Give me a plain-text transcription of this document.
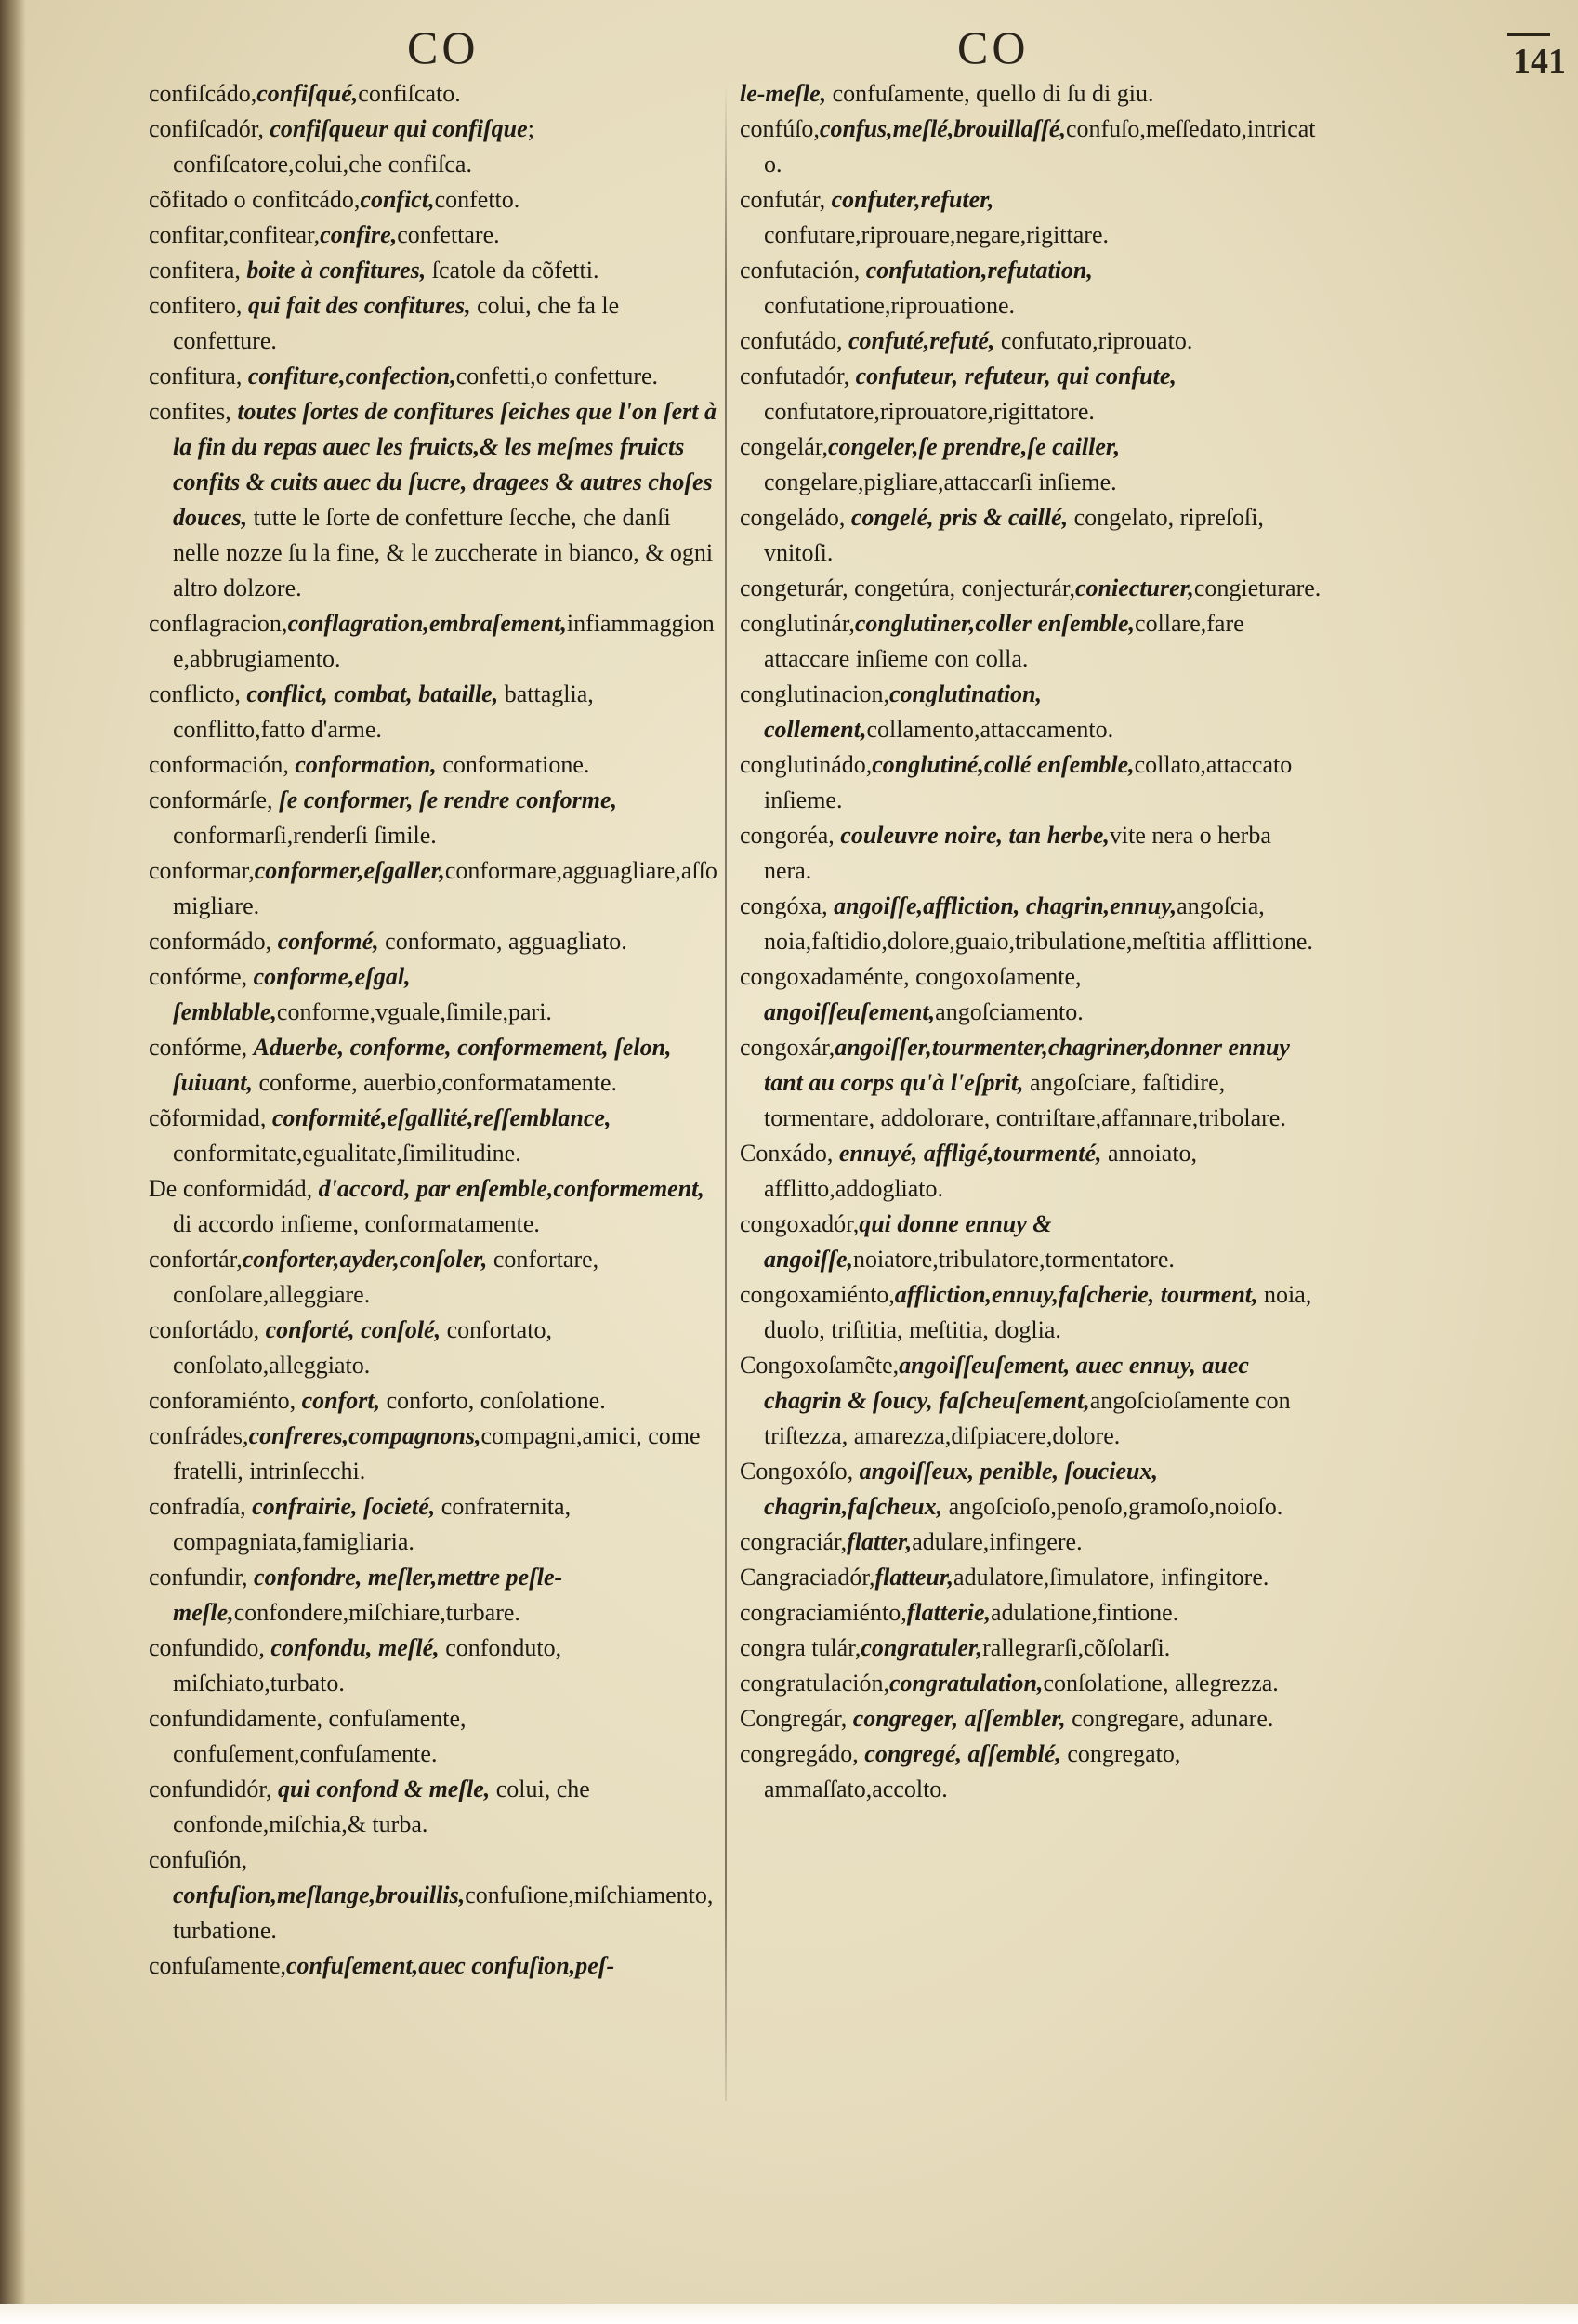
CO	CO	141

confiſcádo,confiſqué,confiſcato.

confiſcadór, confiſqueur qui confiſque; confiſcatore,colui,che confiſca.

cõfitado o confitcádo,confict,confetto.

confitar,confitear,confire,confettare.

confitera, boite à confitures, ſcatole da cõfetti.

confitero, qui fait des confitures, colui, che fa le confetture.

confitura, confiture,confection,confetti,o confetture.

confites, toutes ſortes de confitures ſeiches que l'on ſert à la fin du repas auec les fruicts,& les meſmes fruicts confits & cuits auec du ſucre, dragees & autres choſes douces, tutte le ſorte de confetture ſecche, che danſi nelle nozze ſu la fine, & le zuccherate in bianco, & ogni altro dolzore.

conflagracion,conflagration,embraſement,infiammaggione,abbrugiamento.

conflicto, conflict, combat, bataille, battaglia, conflitto,fatto d'arme.

conformación, conformation, conformatione.

conformárſe, ſe conformer, ſe rendre conforme, conformarſi,renderſi ſimile.

conformar,conformer,eſgaller,conformare,agguagliare,aſſomigliare.

conformádo, conformé, conformato, agguagliato.

confórme, conforme,eſgal, ſemblable,conforme,vguale,ſimile,pari.

confórme, Aduerbe, conforme, conformement, ſelon, ſuiuant, conforme, auerbio,conformatamente.

cõformidad, conformité,eſgallité,reſſemblance, conformitate,egualitate,ſimilitudine.

De conformidád, d'accord, par enſemble,conformement, di accordo inſieme, conformatamente.

confortár,conforter,ayder,conſoler, confortare, conſolare,alleggiare.

confortádo, conforté, conſolé, confortato, conſolato,alleggiato.

conforamiénto, confort, conforto, conſolatione.

confrádes,confreres,compagnons,compagni,amici, come fratelli, intrinſecchi.

confradía, confrairie, ſocieté, confraternita, compagniata,famigliaria.

confundir, confondre, meſler,mettre peſle-meſle,confondere,miſchiare,turbare.

confundido, confondu, meſlé, confonduto, miſchiato,turbato.

confundidamente, confuſamente, confuſement,confuſamente.

confundidór, qui confond & meſle, colui, che confonde,miſchia,& turba.

confuſión, confuſion,meſlange,brouillis,confuſione,miſchiamento,turbatione.

confuſamente,confuſement,auec confuſion,peſ-

le-meſle, confuſamente, quello di ſu di giu.

confúſo,confus,meſlé,brouillaſſé,confuſo,meſſedato,intricato.

confutár, confuter,refuter, confutare,riprouare,negare,rigittare.

confutación, confutation,refutation, confutatione,riprouatione.

confutádo, confuté,refuté, confutato,riprouato.

confutadór, confuteur, refuteur, qui confute, confutatore,riprouatore,rigittatore.

congelár,congeler,ſe prendre,ſe cailler, congelare,pigliare,attaccarſi inſieme.

congeládo, congelé, pris & caillé, congelato, ripreſoſi, vnitoſi.

congeturár, congetúra, conjecturár,coniecturer,congieturare.

conglutinár,conglutiner,coller enſemble,collare,fare attaccare inſieme con colla.

conglutinacion,conglutination, collement,collamento,attaccamento.

conglutinádo,conglutiné,collé enſemble,collato,attaccato inſieme.

congoréa, couleuvre noire, tan herbe,vite nera o herba nera.

congóxa, angoiſſe,affliction, chagrin,ennuy,angoſcia, noia,faſtidio,dolore,guaio,tribulatione,meſtitia afflittione.

congoxadaménte, congoxoſamente, angoiſſeuſement,angoſciamento.

congoxár,angoiſſer,tourmenter,chagriner,donner ennuy tant au corps qu'à l'eſprit, angoſciare, faſtidire, tormentare, addolorare, contriſtare,affannare,tribolare.

Conxádo, ennuyé, affligé,tourmenté, annoiato, afflitto,addogliato.

congoxadór,qui donne ennuy & angoiſſe,noiatore,tribulatore,tormentatore.

congoxamiénto,affliction,ennuy,faſcherie, tourment, noia, duolo, triſtitia, meſtitia, doglia.

Congoxoſamẽte,angoiſſeuſement, auec ennuy, auec chagrin & ſoucy, faſcheuſement,angoſcioſamente con triſtezza, amarezza,diſpiacere,dolore.

Congoxóſo, angoiſſeux, penible, ſoucieux, chagrin,faſcheux, angoſcioſo,penoſo,gramoſo,noioſo.

congraciár,flatter,adulare,infingere.

Cangraciadór,flatteur,adulatore,ſimulatore, infingitore.

congraciamiénto,flatterie,adulatione,fintione.

congra tulár,congratuler,rallegrarſi,cõſolarſi.

congratulación,congratulation,conſolatione, allegrezza.

Congregár, congreger, aſſembler, congregare, adunare.

congregádo, congregé, aſſemblé, congregato, ammaſſato,accolto.
